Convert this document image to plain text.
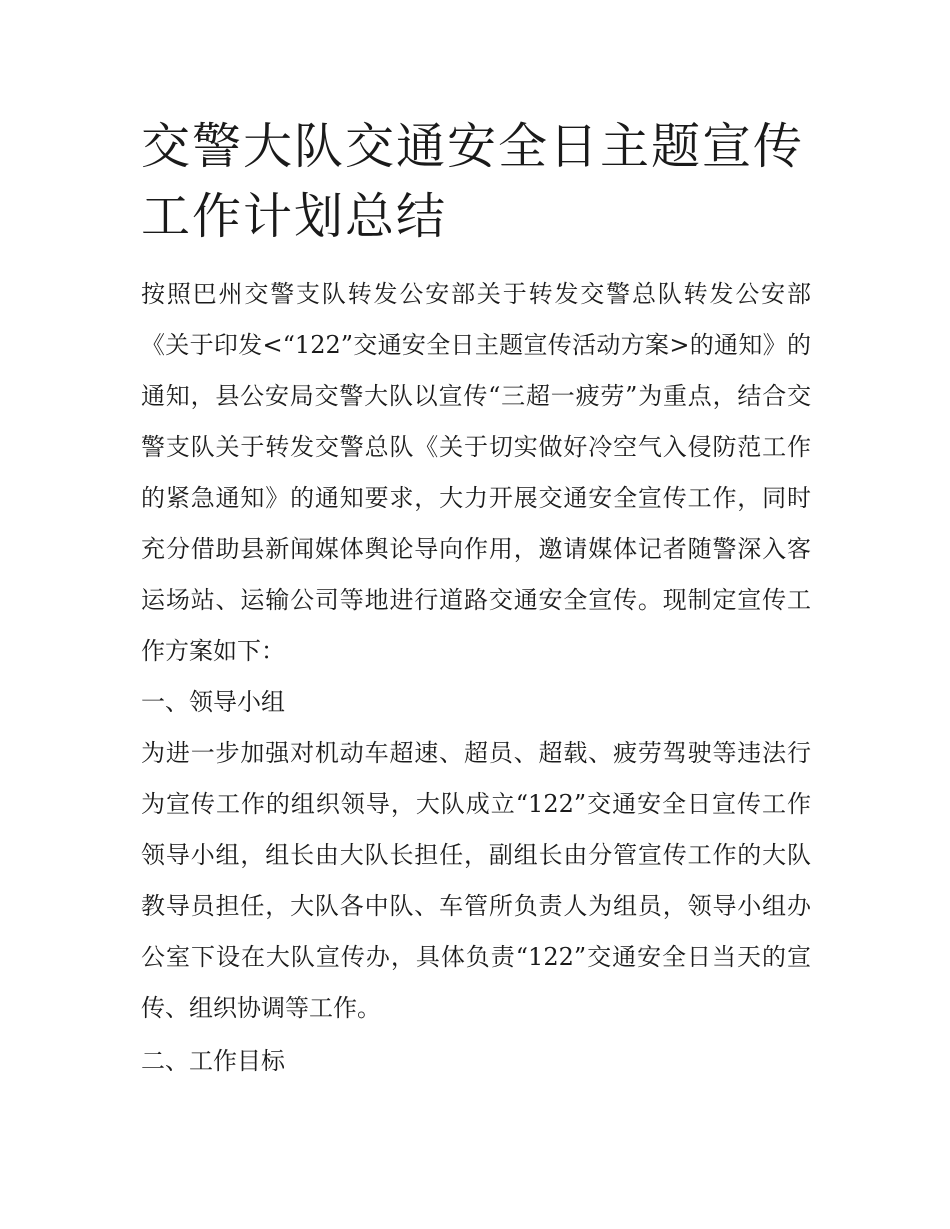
交警大队交通安全日主题宣传工作计划总结

按照巴州交警支队转发公安部关于转发交警总队转发公安部《关于印发<“122”交通安全日主题宣传活动方案>的通知》的通知，县公安局交警大队以宣传“三超一疲劳”为重点，结合交警支队关于转发交警总队《关于切实做好冷空气入侵防范工作的紧急通知》的通知要求，大力开展交通安全宣传工作，同时充分借助县新闻媒体舆论导向作用，邀请媒体记者随警深入客运场站、运输公司等地进行道路交通安全宣传。现制定宣传工作方案如下：

一、领导小组

为进一步加强对机动车超速、超员、超载、疲劳驾驶等违法行为宣传工作的组织领导，大队成立“122”交通安全日宣传工作领导小组，组长由大队长担任，副组长由分管宣传工作的大队教导员担任，大队各中队、车管所负责人为组员，领导小组办公室下设在大队宣传办，具体负责“122”交通安全日当天的宣传、组织协调等工作。

二、工作目标
